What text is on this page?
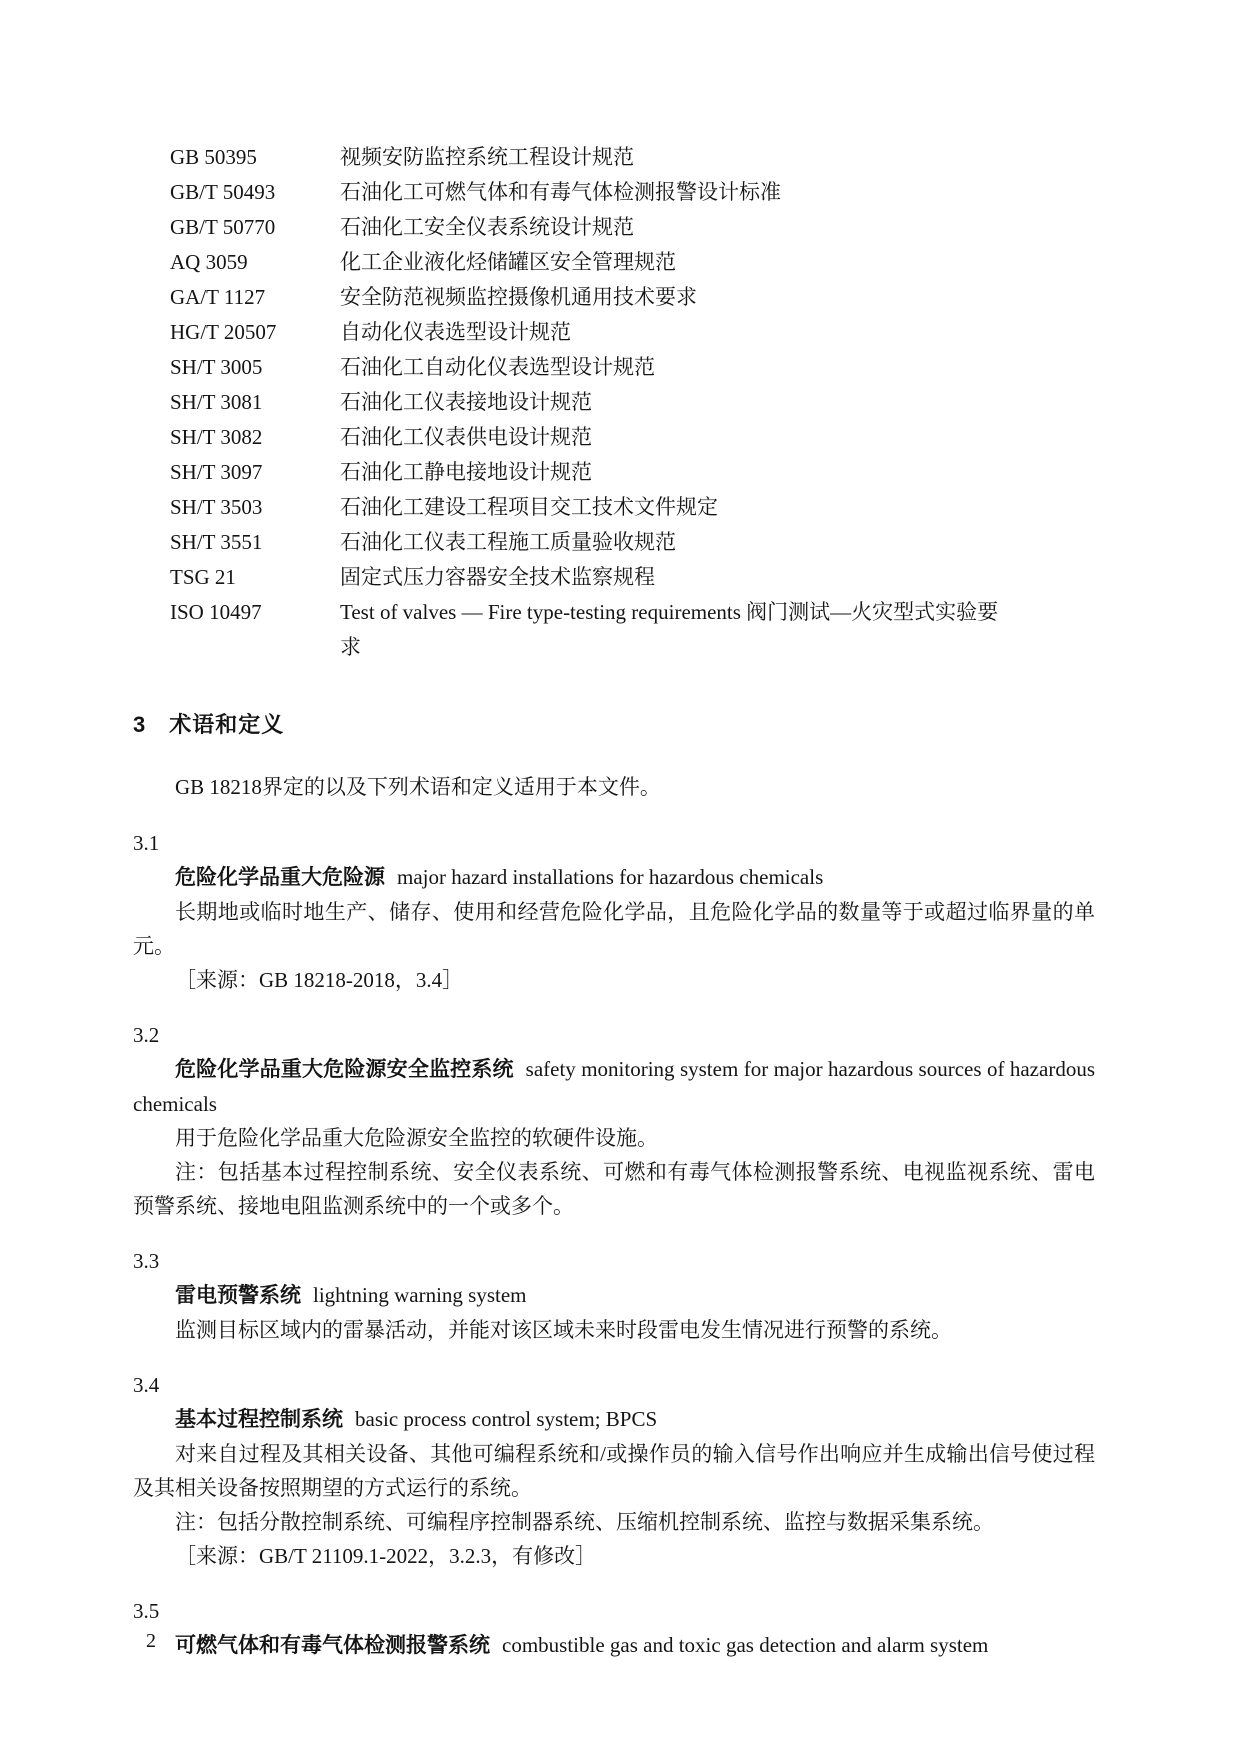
GB 50395	视频安防监控系统工程设计规范
GB/T 50493	石油化工可燃气体和有毒气体检测报警设计标准
GB/T 50770	石油化工安全仪表系统设计规范
AQ 3059	化工企业液化烃储罐区安全管理规范
GA/T 1127	安全防范视频监控摄像机通用技术要求
HG/T 20507	自动化仪表选型设计规范
SH/T 3005	石油化工自动化仪表选型设计规范
SH/T 3081	石油化工仪表接地设计规范
SH/T 3082	石油化工仪表供电设计规范
SH/T 3097	石油化工静电接地设计规范
SH/T 3503	石油化工建设工程项目交工技术文件规定
SH/T 3551	石油化工仪表工程施工质量验收规范
TSG 21	固定式压力容器安全技术监察规程
ISO 10497	Test of valves — Fire type-testing requirements 阀门测试—火灾型式实验要求
3 术语和定义

GB 18218界定的以及下列术语和定义适用于本文件。

3.1

危险化学品重大危险源 major hazard installations for hazardous chemicals

长期地或临时地生产、储存、使用和经营危险化学品，且危险化学品的数量等于或超过临界量的单元。

［来源：GB 18218-2018，3.4］

3.2

危险化学品重大危险源安全监控系统 safety monitoring system for major hazardous sources of hazardous chemicals

用于危险化学品重大危险源安全监控的软硬件设施。

注：包括基本过程控制系统、安全仪表系统、可燃和有毒气体检测报警系统、电视监视系统、雷电预警系统、接地电阻监测系统中的一个或多个。

3.3

雷电预警系统 lightning warning system

监测目标区域内的雷暴活动，并能对该区域未来时段雷电发生情况进行预警的系统。

3.4

基本过程控制系统 basic process control system; BPCS

对来自过程及其相关设备、其他可编程系统和/或操作员的输入信号作出响应并生成输出信号使过程及其相关设备按照期望的方式运行的系统。

注：包括分散控制系统、可编程序控制器系统、压缩机控制系统、监控与数据采集系统。

［来源：GB/T 21109.1-2022，3.2.3，有修改］

3.5

可燃气体和有毒气体检测报警系统 combustible gas and toxic gas detection and alarm system

2
